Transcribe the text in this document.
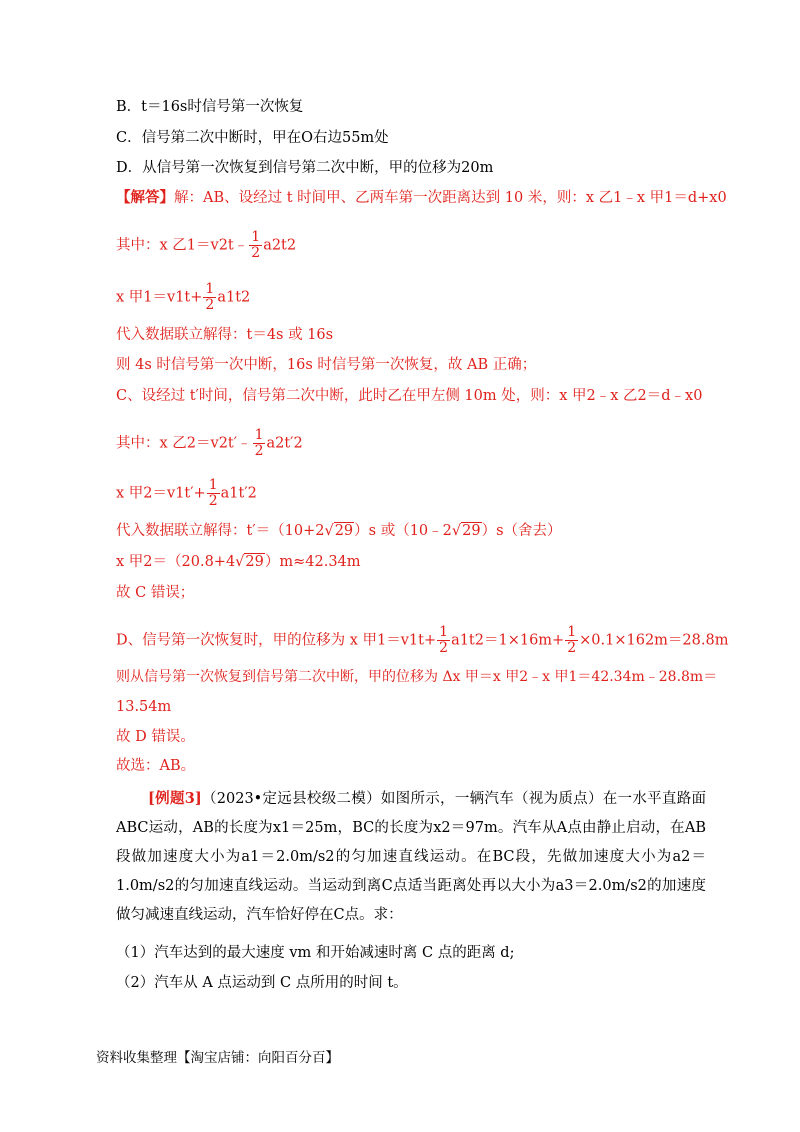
B．t＝16s时信号第一次恢复
C．信号第二次中断时，甲在O右边55m处
D．从信号第一次恢复到信号第二次中断，甲的位移为20m
【解答】解：AB、设经过 t 时间甲、乙两车第一次距离达到 10 米，则：x 乙1﹣x 甲1＝d+x0
其中：x 乙1＝v2t﹣ $\frac{1}{2} a2t2$
x 甲$1=v1t+ \frac{1}{2} a1t2$
代入数据联立解得：t＝4s 或 16s
则 4s 时信号第一次中断，16s 时信号第一次恢复，故 AB 正确；
C、设经过 t′时间，信号第二次中断，此时乙在甲左侧 10m 处，则：x 甲2﹣x 乙2＝d﹣x0
其中：x 乙2＝v2t′﹣ $\frac{1}{2} a2t'2$
x 甲$2=v1t'+ \frac{1}{2} a1t'2$
代入数据联立解得：t′＝（10+2√29）s 或（10﹣2√29）s（舍去）
x 甲2＝（20.8+4√29）m≈42.34m
故 C 错误；
D、信号第一次恢复时，甲的位移为 x 甲$1=v1t+ \frac{1}{2} a1t2=1\times 16m+ \frac{1}{2} \times 0.1\times 162m=28.8m$
则从信号第一次恢复到信号第二次中断，甲的位移为 Δx 甲＝x 甲2﹣x 甲1＝42.34m﹣28.8m＝
13.54m
故 D 错误。
故选：AB。
[例题3]（2023•定远县校级二模）如图所示，一辆汽车（视为质点）在一水平直路面ABC运动，AB的长度为x1＝25m，BC的长度为x2＝97m。汽车从A点由静止启动，在AB段做加速度大小为a1＝2.0m/s2的匀加速直线运动。在BC段，先做加速度大小为a2＝1.0m/s2的匀加速直线运动。当运动到离C点适当距离处再以大小为a3＝2.0m/s2的加速度做匀减速直线运动，汽车恰好停在C点。求：
（1）汽车达到的最大速度 vm 和开始减速时离 C 点的距离 d;
（2）汽车从 A 点运动到 C 点所用的时间 t。
资料收集整理【淘宝店铺：向阳百分百】
